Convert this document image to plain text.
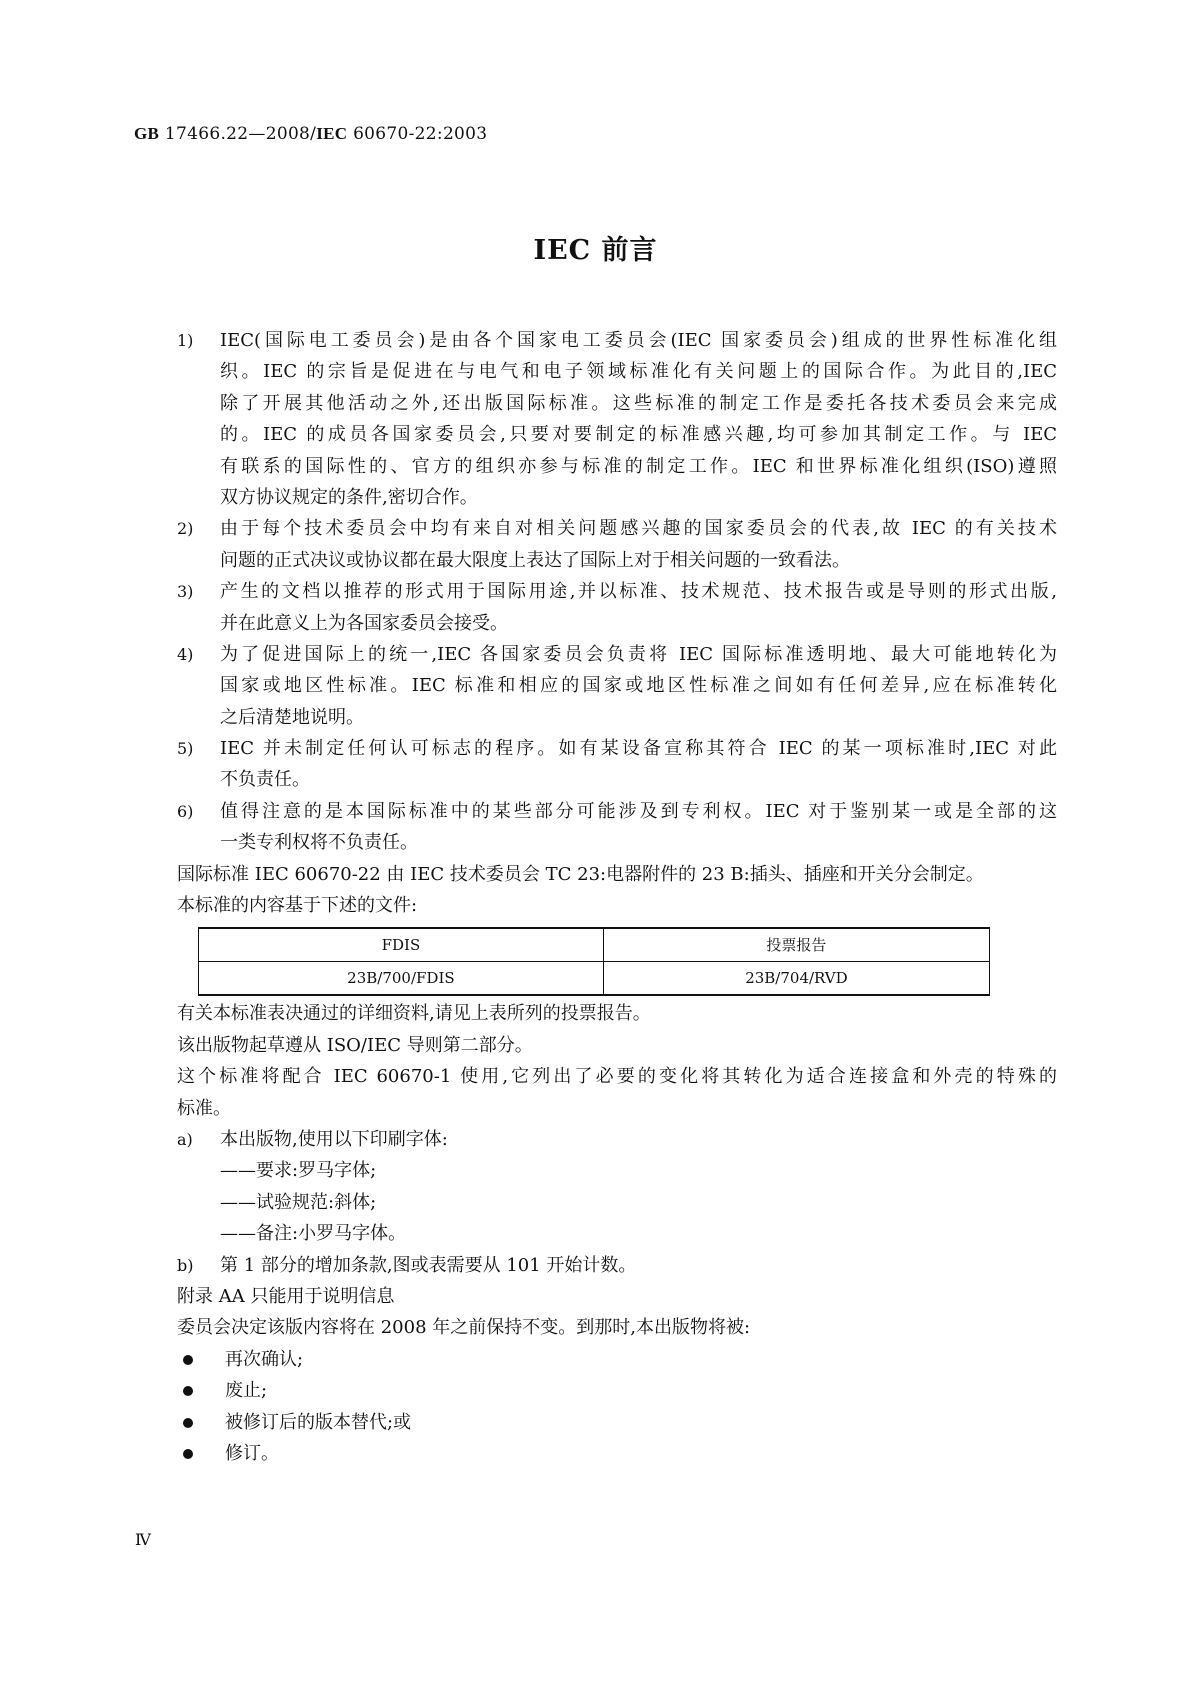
GB 17466.22—2008/IEC 60670-22:2003
IEC 前言
1) IEC(国际电工委员会)是由各个国家电工委员会(IEC 国家委员会)组成的世界性标准化组
织。IEC 的宗旨是促进在与电气和电子领域标准化有关问题上的国际合作。为此目的,IEC
除了开展其他活动之外,还出版国际标准。这些标准的制定工作是委托各技术委员会来完成
的。IEC 的成员各国家委员会,只要对要制定的标准感兴趣,均可参加其制定工作。与 IEC
有联系的国际性的、官方的组织亦参与标准的制定工作。IEC 和世界标准化组织(ISO)遵照
双方协议规定的条件,密切合作。
2) 由于每个技术委员会中均有来自对相关问题感兴趣的国家委员会的代表,故 IEC 的有关技术
问题的正式决议或协议都在最大限度上表达了国际上对于相关问题的一致看法。
3) 产生的文档以推荐的形式用于国际用途,并以标准、技术规范、技术报告或是导则的形式出版,
并在此意义上为各国家委员会接受。
4) 为了促进国际上的统一,IEC 各国家委员会负责将 IEC 国际标准透明地、最大可能地转化为
国家或地区性标准。IEC 标准和相应的国家或地区性标准之间如有任何差异,应在标准转化
之后清楚地说明。
5) IEC 并未制定任何认可标志的程序。如有某设备宣称其符合 IEC 的某一项标准时,IEC 对此
不负责任。
6) 值得注意的是本国际标准中的某些部分可能涉及到专利权。IEC 对于鉴别某一或是全部的这
一类专利权将不负责任。
国际标准 IEC 60670-22 由 IEC 技术委员会 TC 23:电器附件的 23 B:插头、插座和开关分会制定。
本标准的内容基于下述的文件:
FDIS	投票报告
23B/700/FDIS	23B/704/RVD
有关本标准表决通过的详细资料,请见上表所列的投票报告。
该出版物起草遵从 ISO/IEC 导则第二部分。
这个标准将配合 IEC 60670-1 使用,它列出了必要的变化将其转化为适合连接盒和外壳的特殊的
标准。
a) 本出版物,使用以下印刷字体:
——要求:罗马字体;
——试验规范:斜体;
——备注:小罗马字体。
b) 第 1 部分的增加条款,图或表需要从 101 开始计数。
附录 AA 只能用于说明信息
委员会决定该版内容将在 2008 年之前保持不变。到那时,本出版物将被:
再次确认;
废止;
被修订后的版本替代;或
修订。
Ⅳ
